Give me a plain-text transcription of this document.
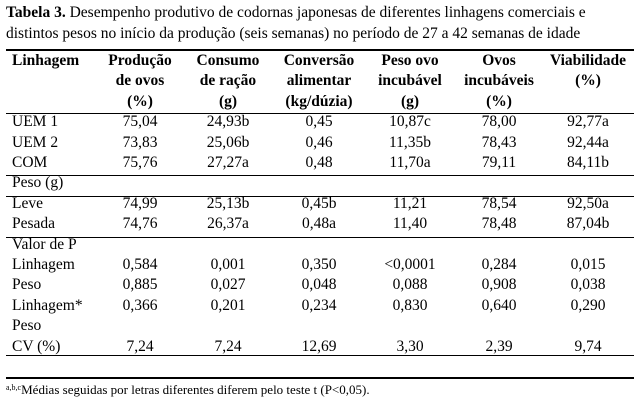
Tabela 3. Desempenho produtivo de codornas japonesas de diferentes linhagens comerciais e distintos pesos no início da produção (seis semanas) no período de 27 a 42 semanas de idade
Linhagem	Produção	Consumo	Conversão	Peso ovo	Ovos	Viabilidade
	de ovos	de ração	alimentar	incubável	incubáveis	(%)
	(%)	(g)	(kg/dúzia)	(g)	(%)	
UEM 1	75,04	24,93b	0,45	10,87c	78,00	92,77a
UEM 2	73,83	25,06b	0,46	11,35b	78,43	92,44a
COM	75,76	27,27a	0,48	11,70a	79,11	84,11b
Peso (g)						
Leve	74,99	25,13b	0,45b	11,21	78,54	92,50a
Pesada	74,76	26,37a	0,48a	11,40	78,48	87,04b
Valor de P						
Linhagem	0,584	0,001	0,350	<0,0001	0,284	0,015
Peso	0,885	0,027	0,048	0,088	0,908	0,038
Linhagem*	0,366	0,201	0,234	0,830	0,640	0,290
Peso						
CV (%)	7,24	7,24	12,69	3,30	2,39	9,74
$^{a,b,c}$Médias seguidas por letras diferentes diferem pelo teste t (P<0,05).
